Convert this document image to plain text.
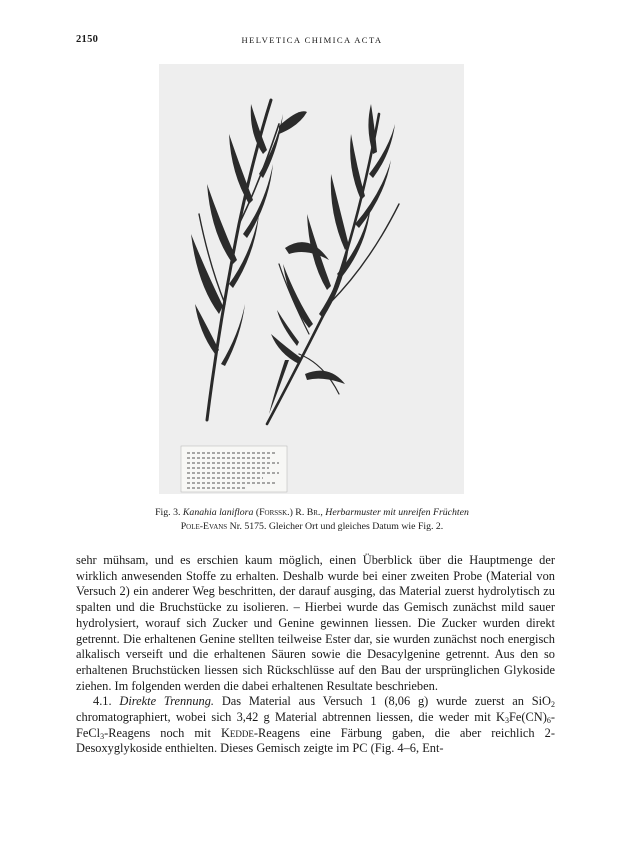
2150	HELVETICA CHIMICA ACTA
Fig. 3. Kanahia laniflora (Forssk.) R. Br., Herbarmuster mit unreifen Früchten
Pole-Evans Nr. 5175. Gleicher Ort und gleiches Datum wie Fig. 2.

sehr mühsam, und es erschien kaum möglich, einen Überblick über die Hauptmenge der wirklich anwesenden Stoffe zu erhalten. Deshalb wurde bei einer zweiten Probe (Material von Versuch 2) ein anderer Weg beschritten, der darauf ausging, das Material zuerst hydrolytisch zu spalten und die Bruchstücke zu isolieren. – Hierbei wurde das Gemisch zunächst mild sauer hydrolysiert, worauf sich Zucker und Genine gewinnen liessen. Die Zucker wurden direkt getrennt. Die erhaltenen Genine stellten teilweise Ester dar, sie wurden zunächst noch energisch alkalisch verseift und die erhaltenen Säuren sowie die Desacylgenine getrennt. Aus den so erhaltenen Bruchstücken liessen sich Rückschlüsse auf den Bau der ursprünglichen Glykoside ziehen. Im folgenden werden die dabei erhaltenen Resultate beschrieben.

4.1. Direkte Trennung. Das Material aus Versuch 1 (8,06 g) wurde zuerst an SiO$_2$ chromatographiert, wobei sich 3,42 g Material abtrennen liessen, die weder mit $K_3Fe(CN)_6-FeCl_3$-Reagens noch mit Kedde-Reagens eine Färbung gaben, die aber reichlich 2-Desoxyglykoside enthielten. Dieses Gemisch zeigte im PC (Fig. 4–6, Ent-
